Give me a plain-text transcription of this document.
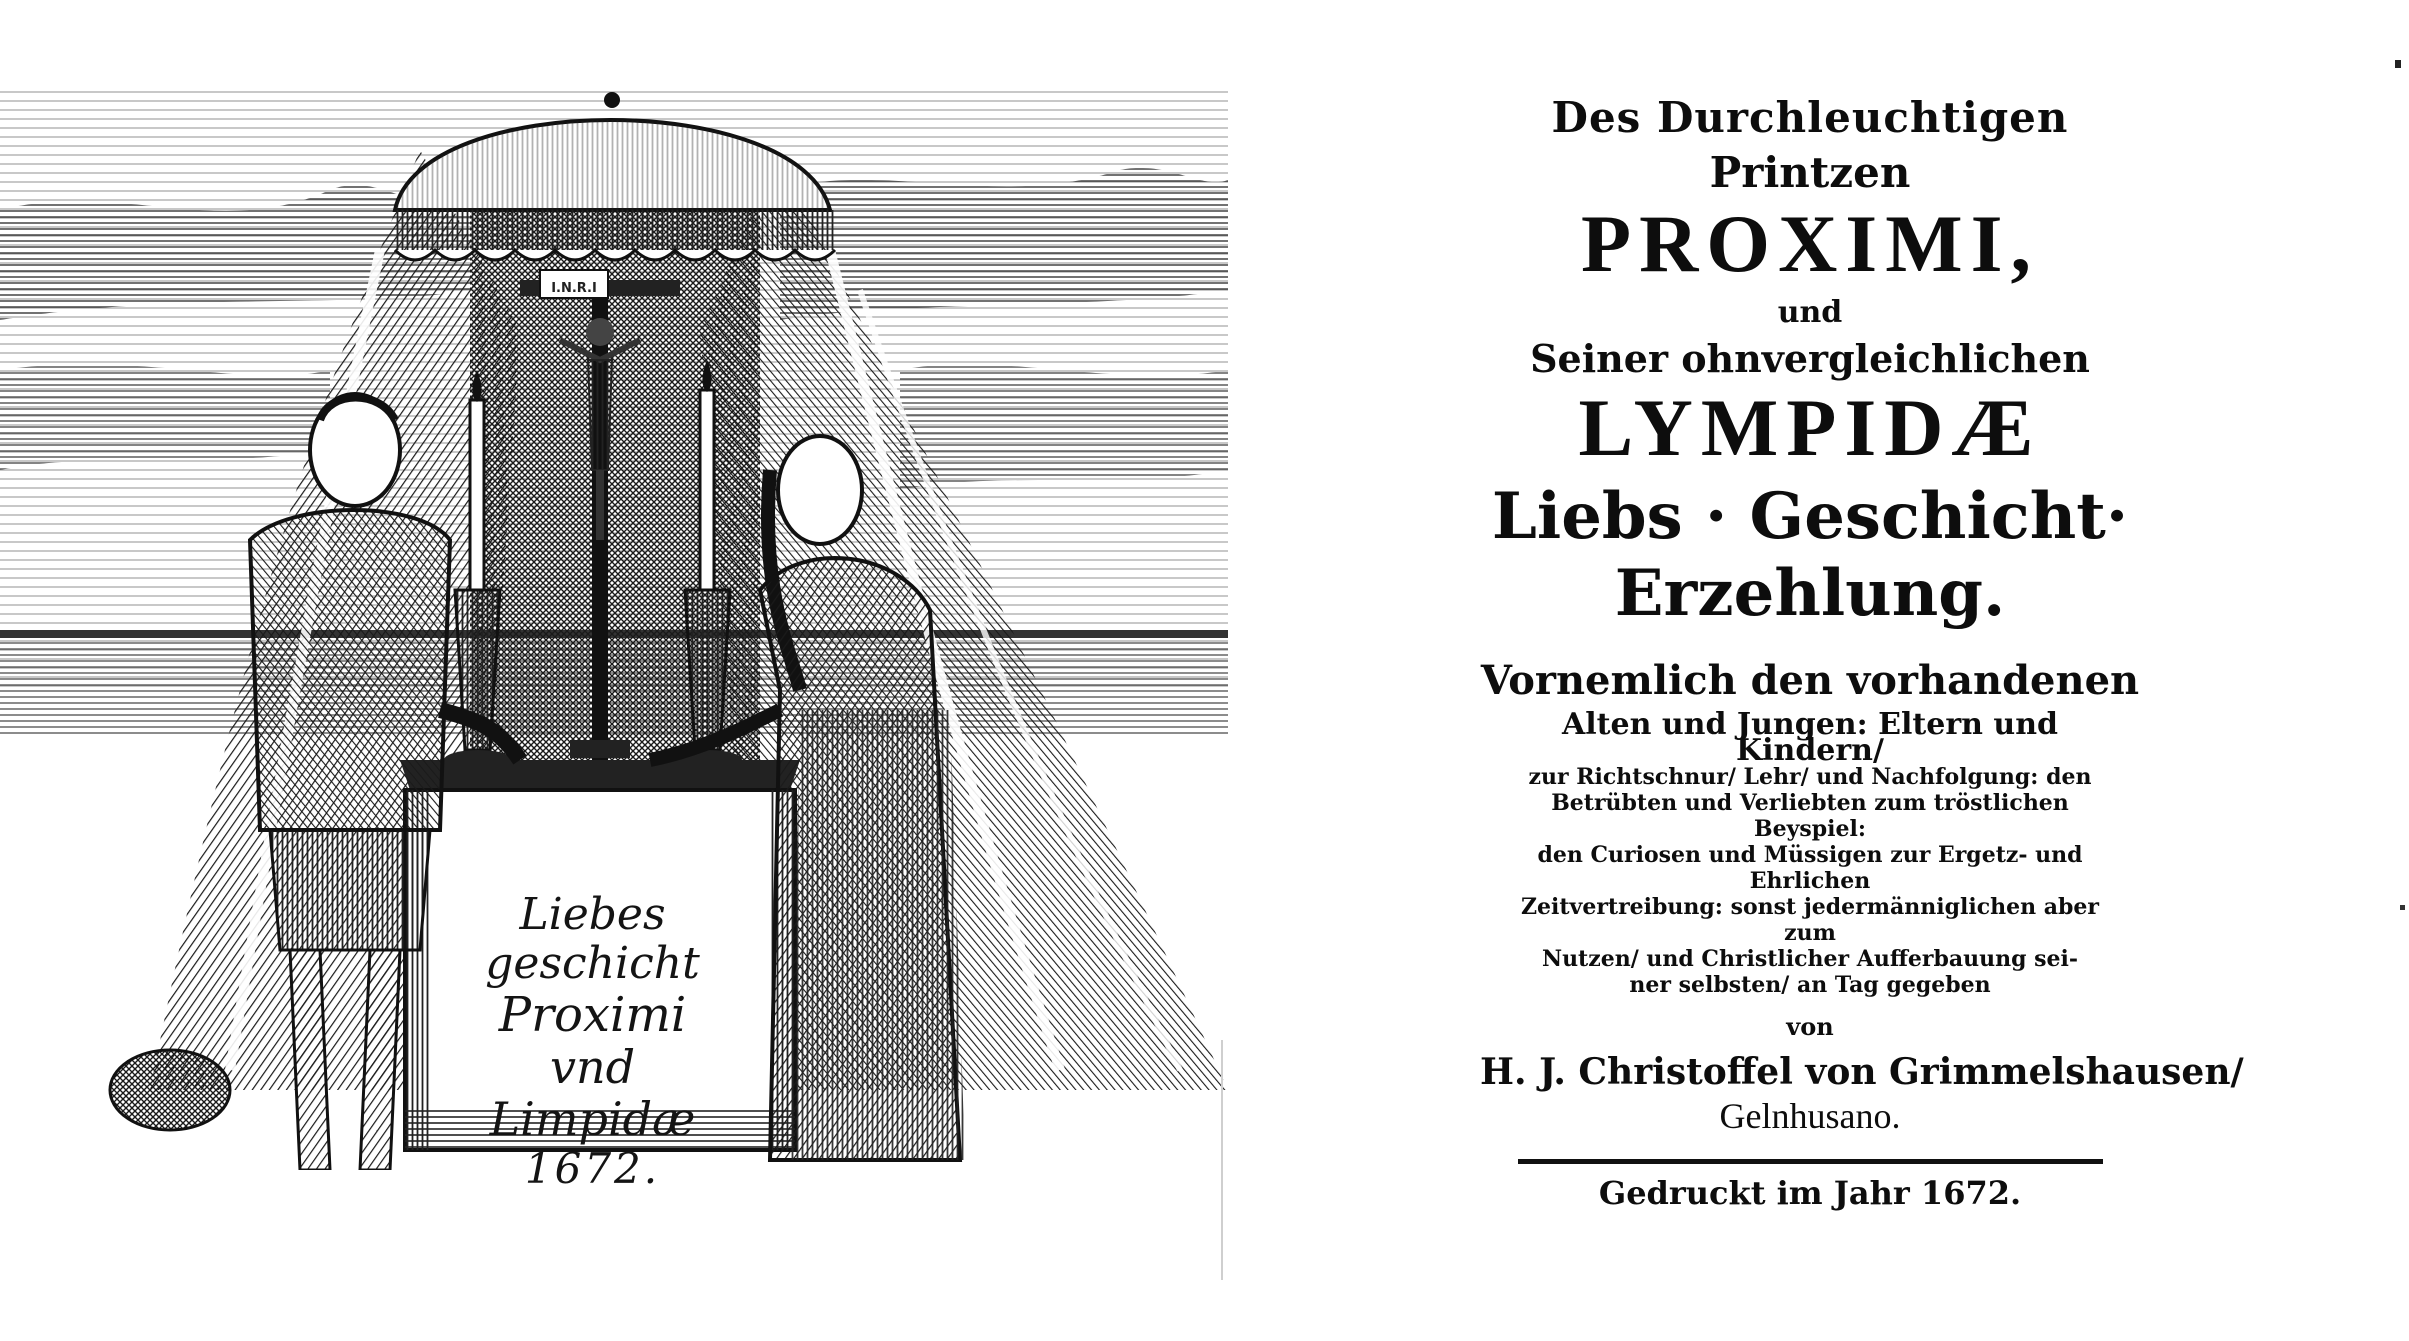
I.N.R.I
Liebes geschicht
Proximi
vnd
Limpidæ
1672.
Des Durchleuchtigen
Printzen
PROXIMI,
und
Seiner ohnvergleichlichen
LYMPIDÆ
Liebs · Geschicht·
Erzehlung.
Vornemlich den vorhandenen
Alten und Jungen: Eltern und Kindern/
zur Richtschnur/ Lehr/ und Nachfolgung: den
Betrübten und Verliebten zum tröstlichen Beyspiel:
den Curiosen und Müssigen zur Ergetz- und Ehrlichen
Zeitvertreibung: sonst jedermänniglichen aber zum
Nutzen/ und Christlicher Aufferbauung sei-
ner selbsten/ an Tag gegeben
von
H. J. Christoffel von Grimmelshausen/
Gelnhusano.
Gedruckt im Jahr 1672.
